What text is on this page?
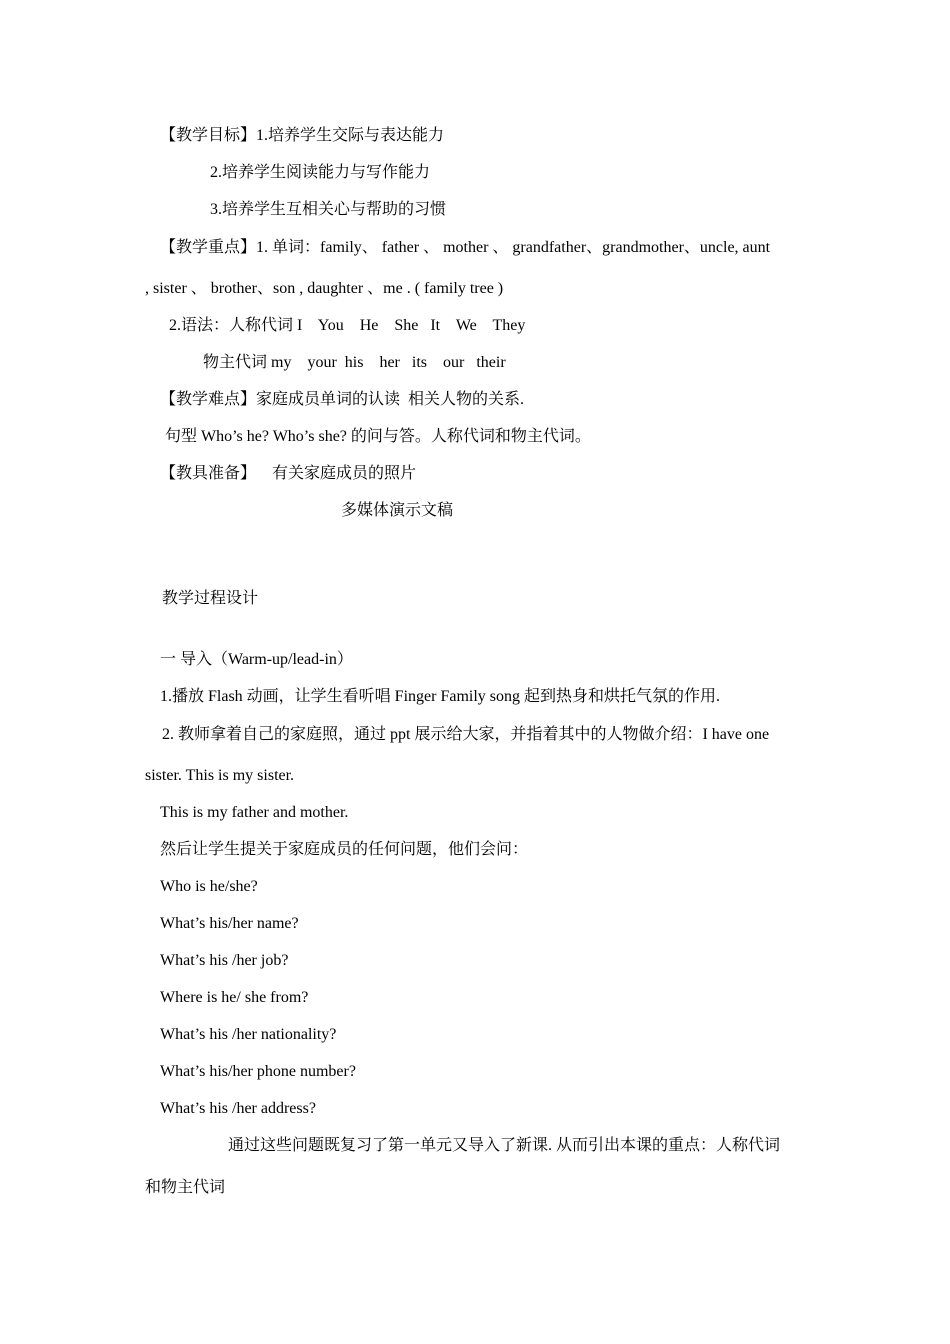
【教学目标】1.培养学生交际与表达能力

2.培养学生阅读能力与写作能力

3.培养学生互相关心与帮助的习惯

【教学重点】1. 单词：family、 father 、 mother 、 grandfather、grandmother、uncle, aunt

, sister 、 brother、son , daughter 、me . ( family tree )

2.语法：人称代词 I    You    He    She   It    We    They

物主代词 my    your  his    her   its    our   their

【教学难点】家庭成员单词的认读  相关人物的关系.

句型 Who’s he? Who’s she? 的问与答。人称代词和物主代词。

【教具准备】 有关家庭成员的照片

多媒体演示文稿

教学过程设计

一 导入（Warm-up/lead-in）

1.播放 Flash 动画，让学生看听唱 Finger Family song 起到热身和烘托气氛的作用.

2. 教师拿着自己的家庭照，通过 ppt 展示给大家，并指着其中的人物做介绍：I have one

sister. This is my sister.

This is my father and mother.

然后让学生提关于家庭成员的任何问题，他们会问：

Who is he/she?

What’s his/her name?

What’s his /her job?

Where is he/ she from?

What’s his /her nationality?

What’s his/her phone number?

What’s his /her address?

通过这些问题既复习了第一单元又导入了新课. 从而引出本课的重点：人称代词

和物主代词
